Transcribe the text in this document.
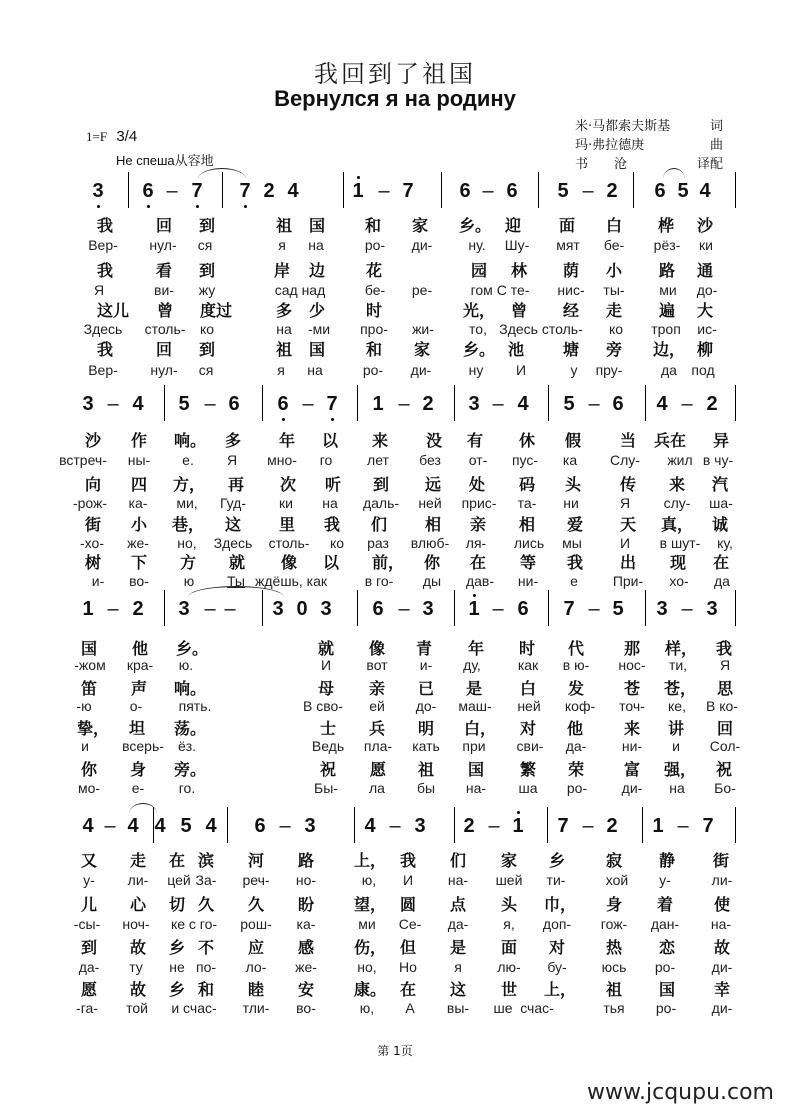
我回到了祖国
Вернулся я на родину
1=F 3/4
Не спеша从容地
米·马都索夫斯基	词
玛·弗拉德庚	曲
书　　沧	译配
3 6 – 7 7 2 4	1 – 7 6 – 6 5 – 2 6 5 4
我	回 到	祖 国 和 家 乡。 迎 面 白 桦 沙
Вер- нул- ся	я на	ро- ди-	ну. Шу- мят бе- рёз- ки
我	看 到	岸 边	花	园 林 荫 小 路 通
Я	ви- жу	сад над	бе- ре-	гом С те- нис- ты- ми до-
这儿 曾 度过	多 少	时	光， 曾 经 走 遍 大
Здесь столь- ко	на -ми про- жи-	то, Здесь столь- ко троп ис-
我	回 到	祖 国	和 家 乡。 池 塘 旁 边， 柳
Вер- нул- ся	я на	ро- ди-	ну И	у пру-	да под
3 – 4 5 – 6 6 – 7 1 – 2 3 – 4 5 – 6 4 – 2
沙 作 响。 多 年 以 来 没 有 休 假 当 兵在 异
встреч- ны- е. Я мно- го лет без от- пус- ка Слу- жил в чу-
向 四 方， 再 次 听 到 远 处 码 头 传 来 汽
-рож- ка- ми, Гуд- ки на даль- ней прис- та- ни	Я слу- ша-
街 小 巷， 这 里 我 们 相 亲 相 爱 天 真， 诚
-хо- же- но, Здесь столь- ко раз влюб- ля- лись мы	И в шут- ку,
树 下 方 就 像 以 前， 你 在 等 我 出 现 在
и- во- ю Ты ждёшь, как	в го- ды дав- ни- е При- хо- да
1 – 2 3 – – 3 0 3 6 – 3 1 – 6 7 – 5 3 – 3
国 他 乡。	就 像 青 年 时 代 那 样， 我
-жом кра- ю.	И	вот и- ду,	как в ю- нос- ти, Я
笛 声 响。	母 亲 已 是 白 发 苍 苍， 思
-ю	о-	пять.	В сво- ей до- маш- ней коф- точ- ке, В ко-
挚， 坦 荡。	士 兵 明 白， 对 他	来 讲 回
и всерь- ёз.	Ведь пла- кать при сви- да-	ни- и Сол-
你 身 旁。	祝 愿 祖 国 繁 荣 富 强， 祝
мо- е- го.	Бы- ла бы на- ша ро- ди- на Бо-
4 – 4 4 5 4 6 – 3 4 – 3 2 – 1 7 – 2 1 – 7
又 走 在 滨 河 路 上， 我 们 家 乡	寂 静 街
у- ли- цей За- реч- но-	ю, И на- шей ти-	хой у-	ли-
儿 心 切 久 久 盼 望， 圆 点 头 巾， 身 着	使
-сы- ноч- ке с го- рош- ка-	ми Се- да- я, доп- гож- дан- на-
到 故 乡 不 应 感 伤， 但 是 面 对	热 恋 故
да- ту не по- ло- же-	но, Но	я	лю- бу- юсь ро-	ди-
愿 故 乡 和 睦 安 康。 在 这 世 上， 祖 国 幸
-га- той и счас- тли- во-	ю, А вы- ше счас-	тья ро-	ди-
第 1页
www.jcqupu.com
